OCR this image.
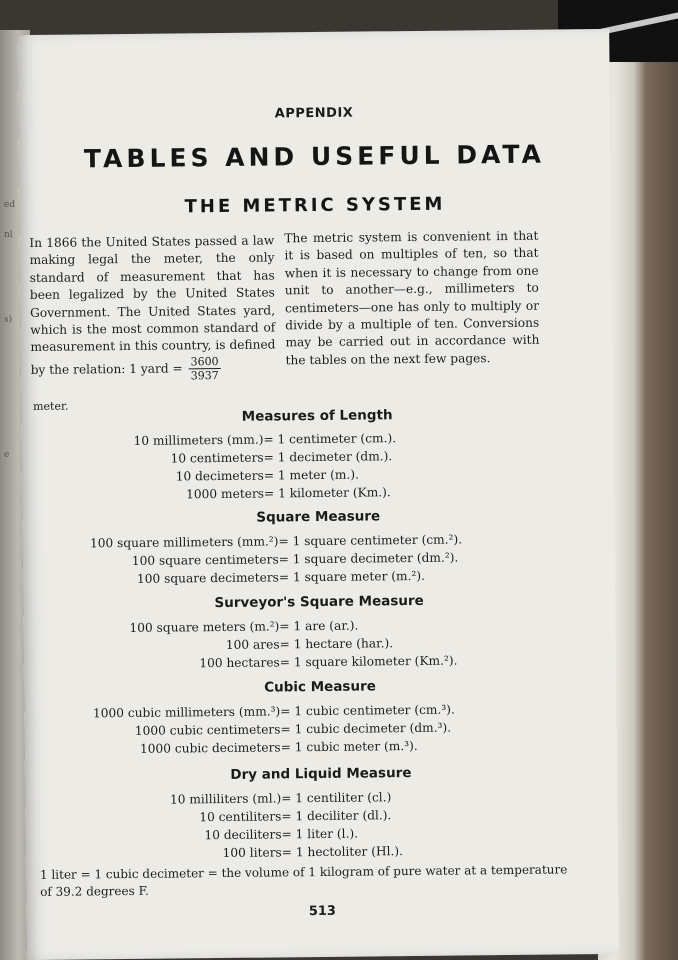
ed
nl
s)
e
APPENDIX
TABLES AND USEFUL DATA
THE METRIC SYSTEM

In 1866 the United States passed a law making legal the meter, the only standard of measurement that has been legalized by the United States Government. The United States yard, which is the most common standard of measurement in this country, is defined by the relation: 1 yard = $\frac{3600}{3937}$

meter.

The metric system is convenient in that it is based on multiples of ten, so that when it is necessary to change from one unit to another—e.g., millimeters to centimeters—one has only to multiply or divide by a multiple of ten. Conversions may be carried out in accordance with the tables on the next few pages.

Measures of Length
10 millimeters (mm.) = 1 centimeter (cm.).
10 centimeters = 1 decimeter (dm.).
10 decimeters = 1 meter (m.).
1000 meters = 1 kilometer (Km.).
Square Measure
100 square millimeters (mm.²) = 1 square centimeter (cm.²).
100 square centimeters = 1 square decimeter (dm.²).
100 square decimeters = 1 square meter (m.²).
Surveyor's Square Measure
100 square meters (m.²) = 1 are (ar.).
100 ares = 1 hectare (har.).
100 hectares = 1 square kilometer (Km.²).
Cubic Measure
1000 cubic millimeters (mm.³) = 1 cubic centimeter (cm.³).
1000 cubic centimeters = 1 cubic decimeter (dm.³).
1000 cubic decimeters = 1 cubic meter (m.³).
Dry and Liquid Measure
10 milliliters (ml.) = 1 centiliter (cl.)
10 centiliters = 1 deciliter (dl.).
10 deciliters = 1 liter (l.).
100 liters = 1 hectoliter (Hl.).
1 liter = 1 cubic decimeter = the volume of 1 kilogram of pure water at a temperature of 39.2 degrees F.
513
